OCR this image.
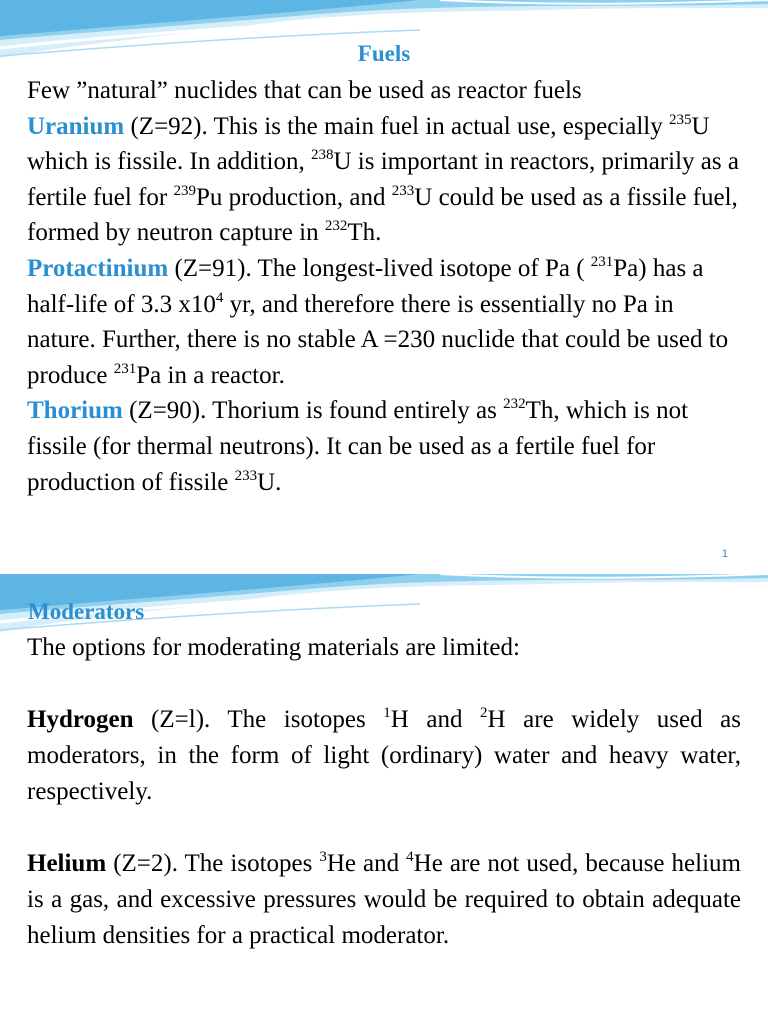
Fuels

Few ”natural” nuclides that can be used as reactor fuels

Uranium (Z=92). This is the main fuel in actual use, especially $^{235}$U which is fissile. In addition, $^{238}$U is important in reactors, primarily as a fertile fuel for $^{239}$Pu production, and $^{233}$U could be used as a fissile fuel, formed by neutron capture in $^{232}$Th.

Protactinium (Z=91). The longest-lived isotope of Pa ( $^{231}$Pa) has a half-life of 3.3 $x10^4$ yr, and therefore there is essentially no Pa in nature. Further, there is no stable A =230 nuclide that could be used to produce $^{231}$Pa in a reactor.

Thorium (Z=90). Thorium is found entirely as $^{232}$Th, which is not fissile (for thermal neutrons). It can be used as a fertile fuel for production of fissile $^{233}$U.

1
Moderators

The options for moderating materials are limited:

Hydrogen (Z=l). The isotopes $^1$H and $^2$H are widely used as moderators, in the form of light (ordinary) water and heavy water, respectively.

Helium (Z=2). The isotopes $^3$He and $^4$He are not used, because helium is a gas, and excessive pressures would be required to obtain adequate helium densities for a practical moderator.
